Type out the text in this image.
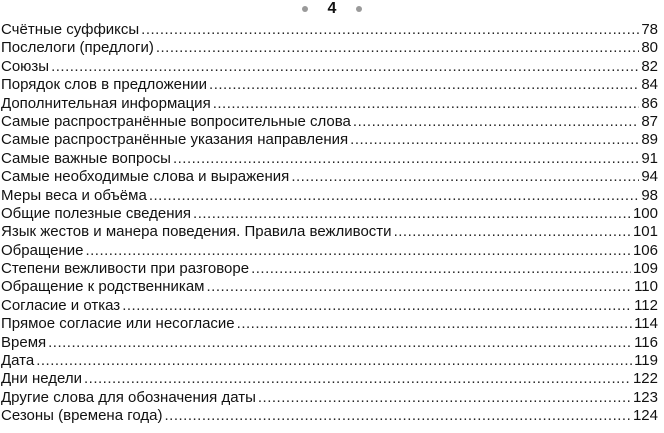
4
Счётные суффиксы .....	78
Послелоги (предлоги) .....	80
Союзы .....	82
Порядок слов в предложении .....	84
Дополнительная информация .....	86
Самые распространённые вопросительные слова .....	87
Самые распространённые указания направления .....	89
Самые важные вопросы .....	91
Самые необходимые слова и выражения .....	94
Меры веса и объёма .....	98
Общие полезные сведения .....	100
Язык жестов и манера поведения. Правила вежливости .....	101
Обращение .....	106
Степени вежливости при разговоре .....	109
Обращение к родственникам .....	110
Согласие и отказ .....	112
Прямое согласие или несогласие .....	114
Время .....	116
Дата .....	119
Дни недели .....	122
Другие слова для обозначения даты .....	123
Сезоны (времена года) .....	124
